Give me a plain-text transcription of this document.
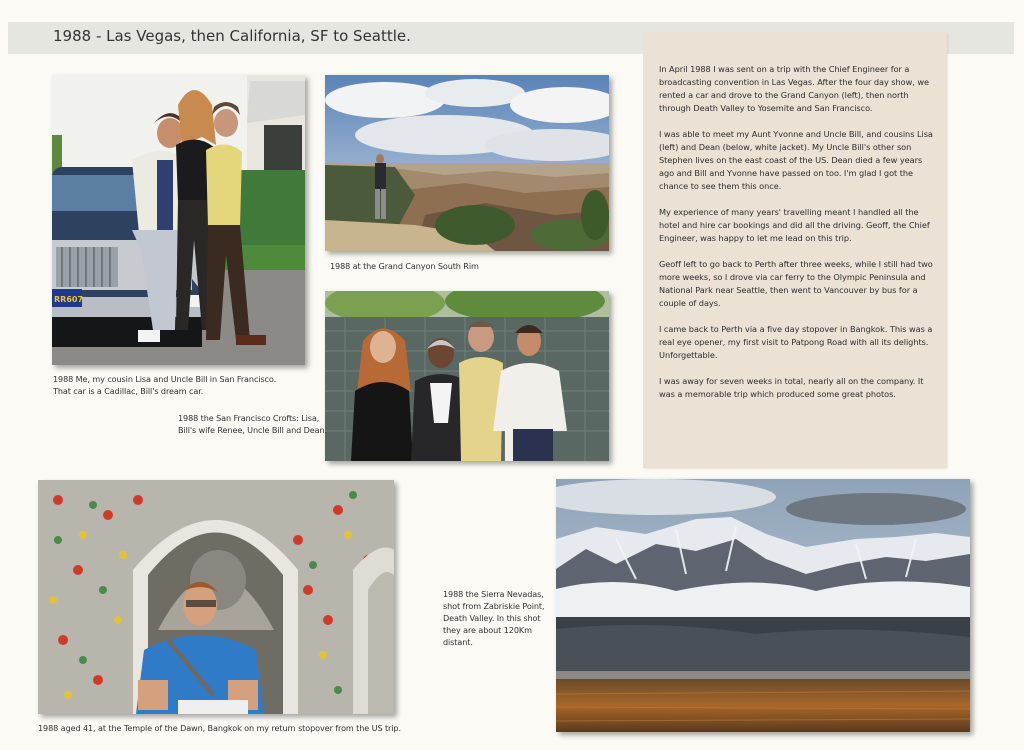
1988 - Las Vegas, then California, SF to Seattle.

In April 1988 I was sent on a trip with the Chief Engineer for a broadcasting convention in Las Vegas. After the four day show, we rented a car and drove to the Grand Canyon (left), then north through Death Valley to Yosemite and San Francisco.

I was able to meet my Aunt Yvonne and Uncle Bill, and cousins Lisa (left) and Dean (below, white jacket). My Uncle Bill's other son Stephen lives on the east coast of the US. Dean died a few years ago and Bill and Yvonne have passed on too. I'm glad I got the chance to see them this once.

My experience of many years' travelling meant I handled all the hotel and hire car bookings and did all the driving. Geoff, the Chief Engineer, was happy to let me lead on this trip.

Geoff left to go back to Perth after three weeks, while I still had two more weeks, so I drove via car ferry to the Olympic Peninsula and National Park near Seattle, then went to Vancouver by bus for a couple of days.

I came back to Perth via a five day stopover in Bangkok. This was a real eye opener, my first visit to Patpong Road with all its delights. Unforgettable.

I was away for seven weeks in total, nearly all on the company. It was a memorable trip which produced some great photos.

RR607
1988 Me, my cousin Lisa and Uncle Bill in San Francisco.
That car is a Cadillac, Bill's dream car.
1988 at the Grand Canyon South Rim
1988 the San Francisco Crofts: Lisa,
Bill's wife Renee, Uncle Bill and Dean.
1988 aged 41, at the Temple of the Dawn, Bangkok on my return stopover from the US trip.
1988 the Sierra Nevadas,
shot from Zabriskie Point,
Death Valley. In this shot
they are about 120Km
distant.
